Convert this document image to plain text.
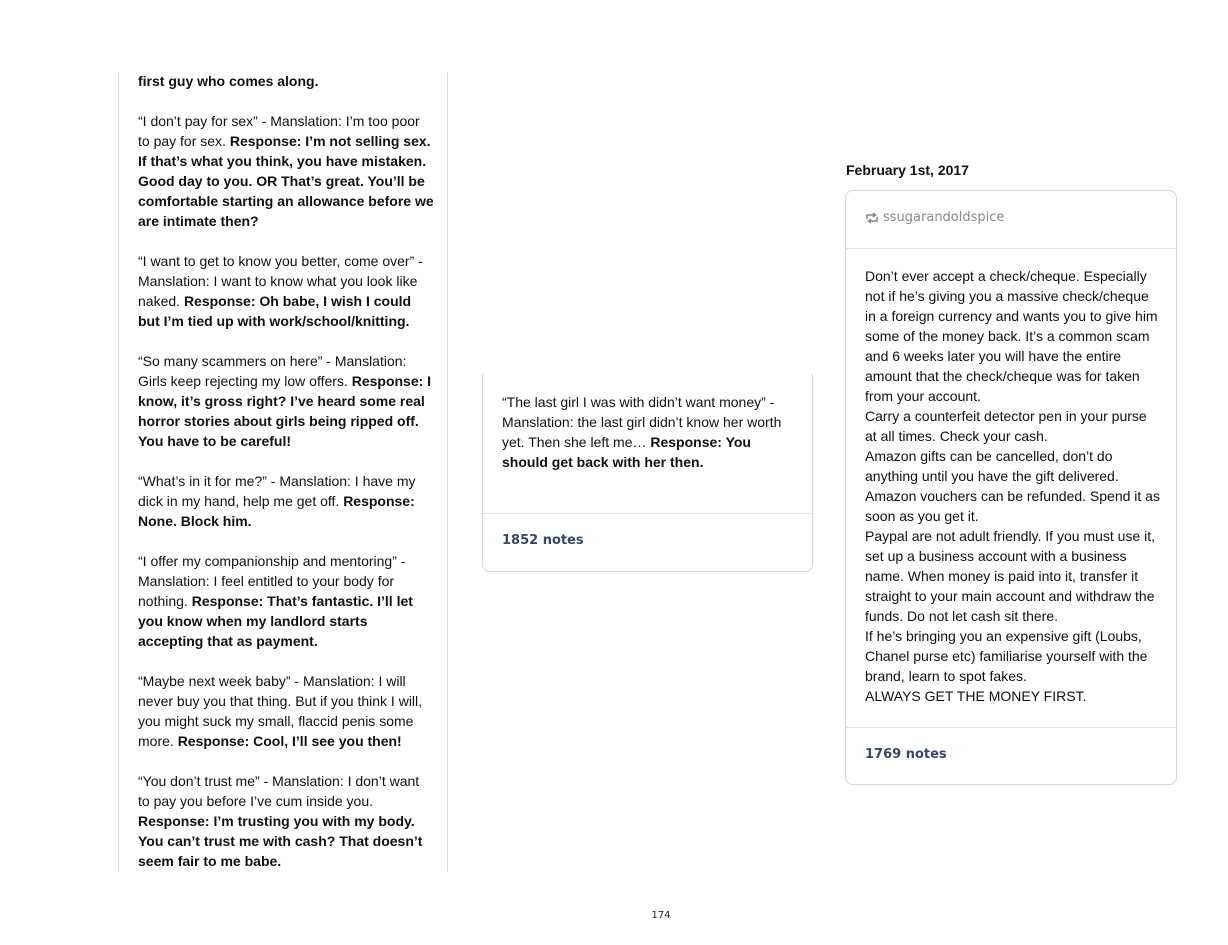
first guy who comes along.

“I don’t pay for sex” - Manslation: I’m too poor to pay for sex. Response: I’m not selling sex. If that’s what you think, you have mistaken. Good day to you. OR That’s great. You’ll be comfortable starting an allowance before we are intimate then?

“I want to get to know you better, come over” - Manslation: I want to know what you look like naked. Response: Oh babe, I wish I could but I’m tied up with work/school/knitting.

“So many scammers on here” - Manslation: Girls keep rejecting my low offers. Response: I know, it’s gross right? I’ve heard some real horror stories about girls being ripped off. You have to be careful!

“What’s in it for me?” - Manslation: I have my dick in my hand, help me get off. Response: None. Block him.

“I offer my companionship and mentoring” - Manslation: I feel entitled to your body for nothing. Response: That’s fantastic. I’ll let you know when my landlord starts accepting that as payment.

“Maybe next week baby” - Manslation: I will never buy you that thing. But if you think I will, you might suck my small, flaccid penis some more. Response: Cool, I’ll see you then!

“You don’t trust me” - Manslation: I don’t want to pay you before I’ve cum inside you. Response: I’m trusting you with my body. You can’t trust me with cash? That doesn’t seem fair to me babe.

“The last girl I was with didn’t want money” - Manslation: the last girl didn’t know her worth yet. Then she left me… Response: You should get back with her then.
1852 notes
February 1st, 2017
ssugarandoldspice
Don’t ever accept a check/cheque. Especially not if he’s giving you a massive check/cheque in a foreign currency and wants you to give him some of the money back. It’s a common scam and 6 weeks later you will have the entire amount that the check/cheque was for taken from your account.
Carry a counterfeit detector pen in your purse at all times. Check your cash.
Amazon gifts can be cancelled, don’t do anything until you have the gift delivered.
Amazon vouchers can be refunded. Spend it as soon as you get it.
Paypal are not adult friendly. If you must use it, set up a business account with a business name. When money is paid into it, transfer it straight to your main account and withdraw the funds. Do not let cash sit there.
If he’s bringing you an expensive gift (Loubs, Chanel purse etc) familiarise yourself with the brand, learn to spot fakes.
ALWAYS GET THE MONEY FIRST.
1769 notes
174
